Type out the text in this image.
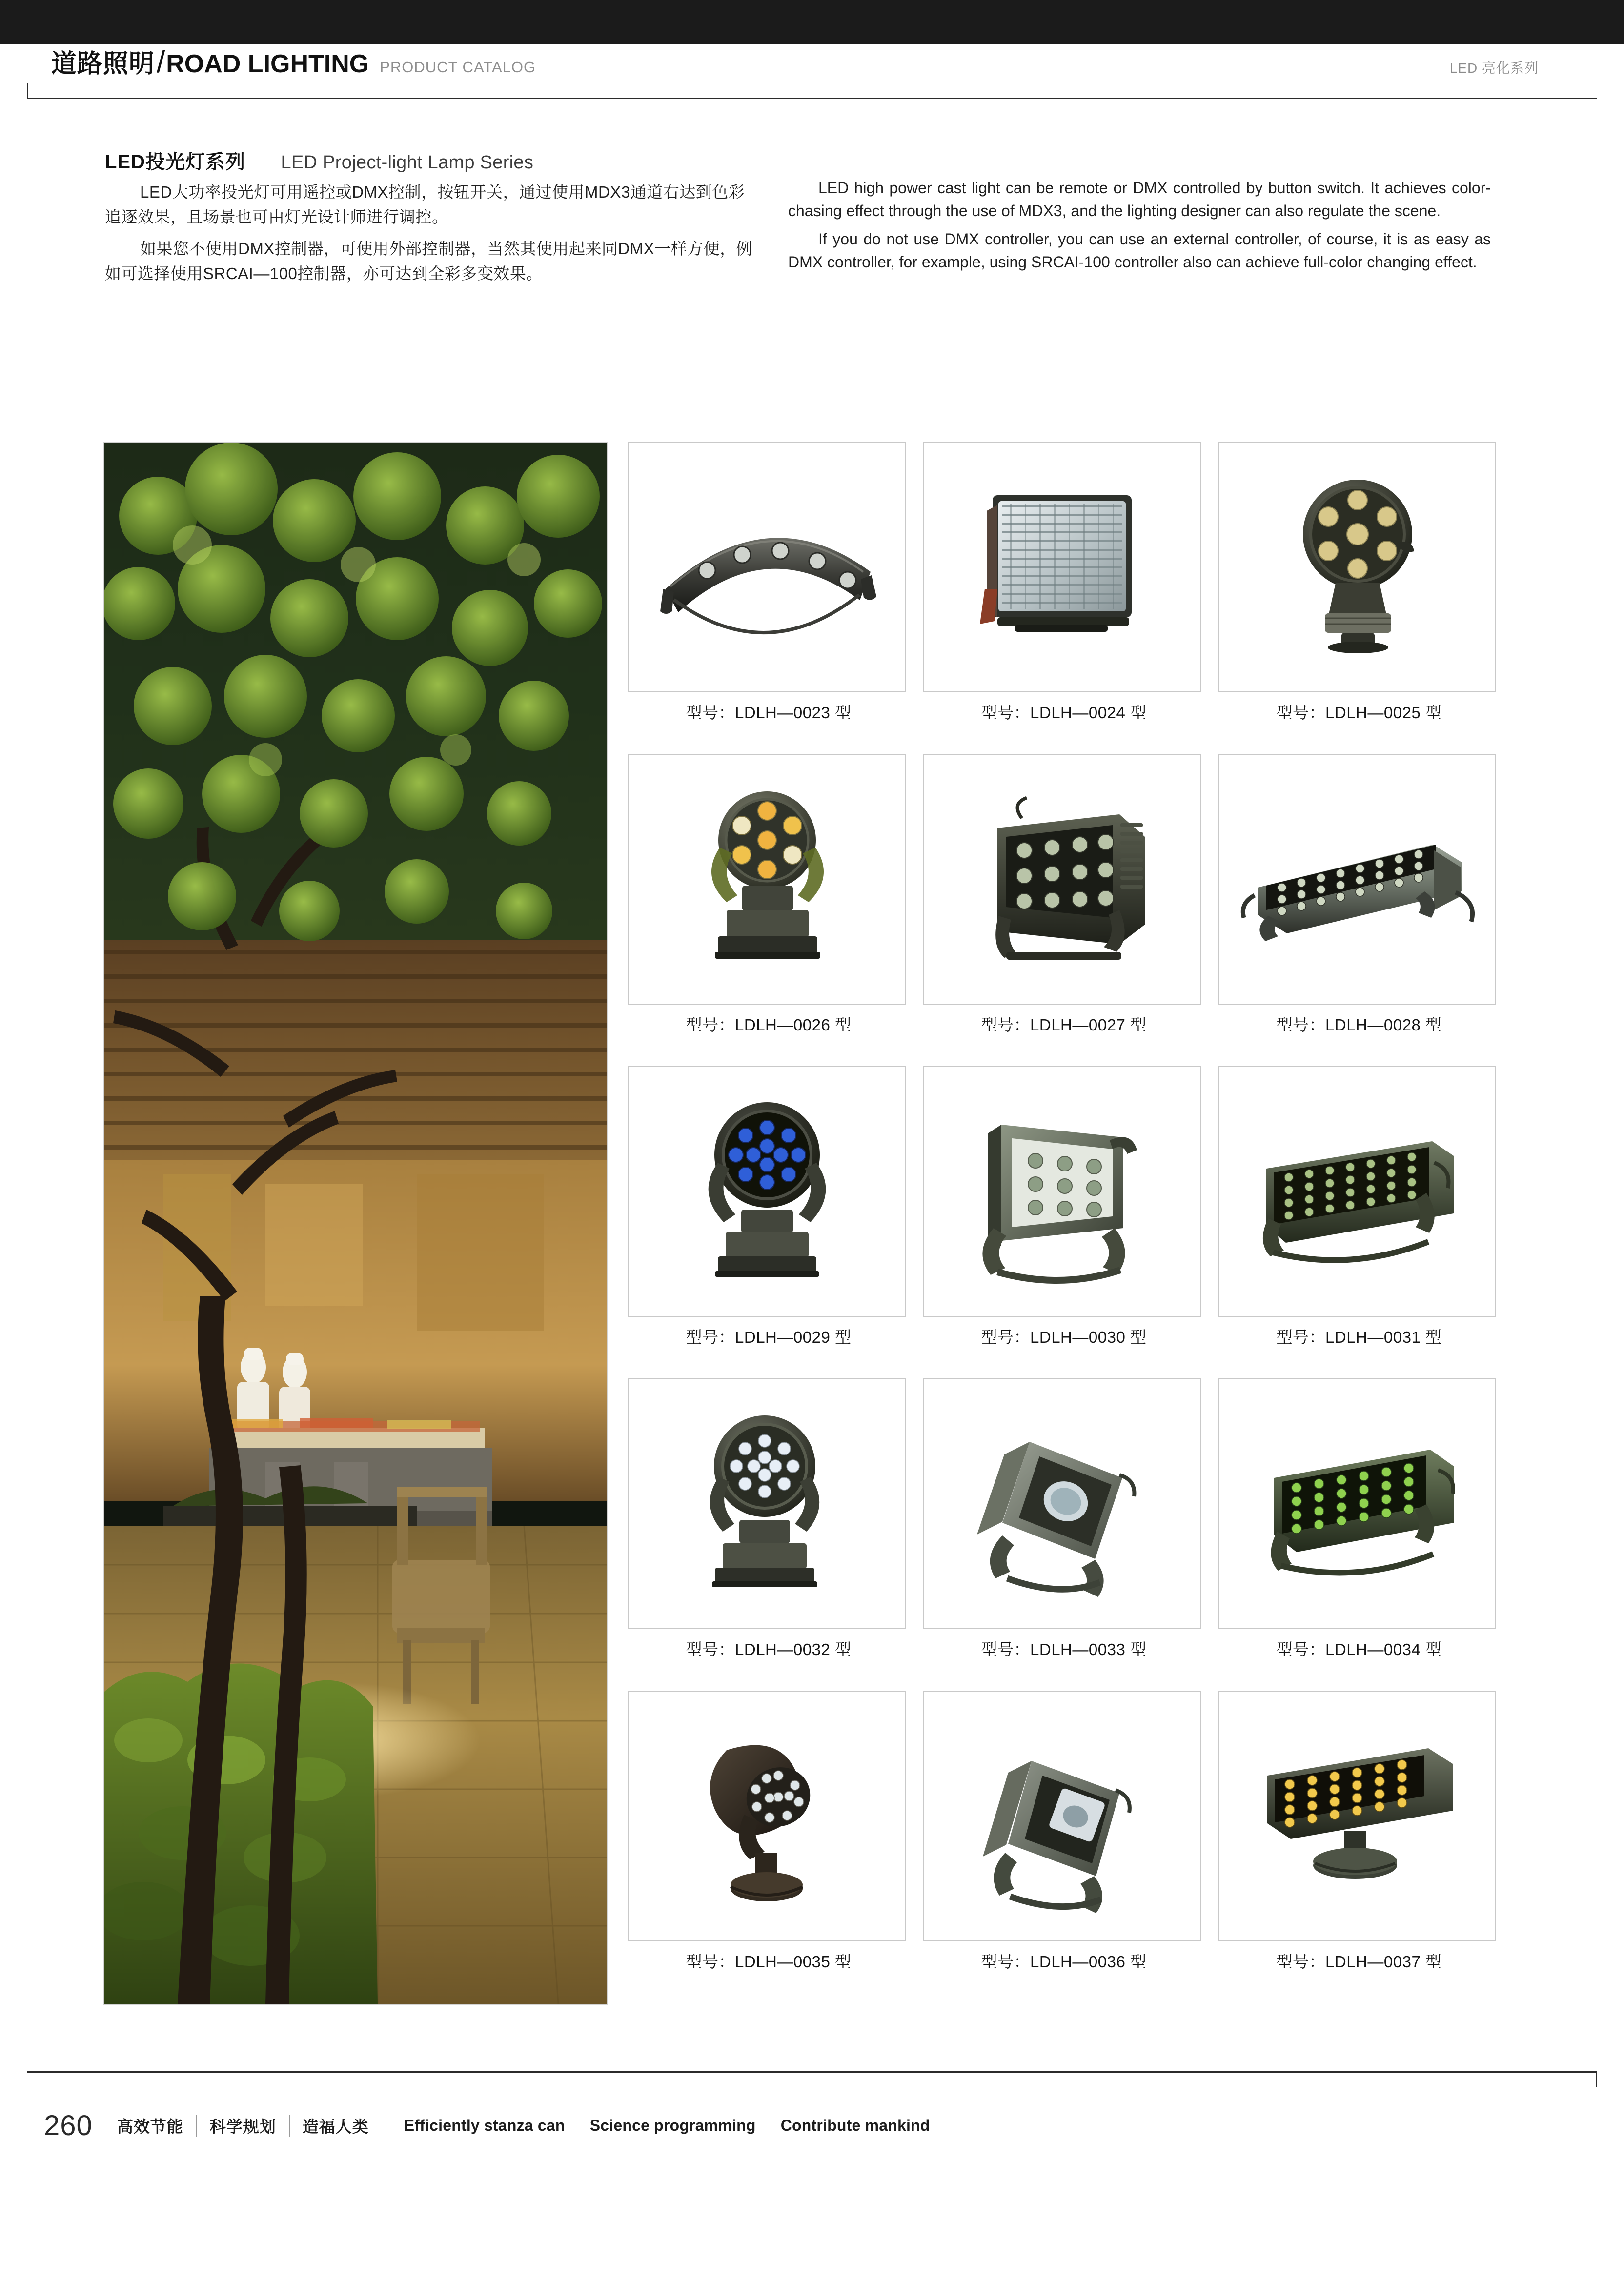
道路照明 / ROAD LIGHTING PRODUCT CATALOG	LED 亮化系列
LED投光灯系列 LED Project-light Lamp Series

LED大功率投光灯可用遥控或DMX控制，按钮开关，通过使用MDX3通道右达到色彩追逐效果，且场景也可由灯光设计师进行调控。

如果您不使用DMX控制器，可使用外部控制器，当然其使用起来同DMX一样方便，例如可选择使用SRCAI—100控制器，亦可达到全彩多变效果。

LED high power cast light can be remote or DMX controlled by button switch. It achieves color-chasing effect through the use of MDX3, and the lighting designer can also regulate the scene.

If you do not use DMX controller, you can use an external controller, of course, it is as easy as DMX controller, for example, using SRCAI-100 controller also can achieve full-color changing effect.

型号：LDLH—0023 型	型号：LDLH—0024 型	型号：LDLH—0025 型
型号：LDLH—0026 型	型号：LDLH—0027 型	型号：LDLH—0028 型
型号：LDLH—0029 型	型号：LDLH—0030 型	型号：LDLH—0031 型
型号：LDLH—0032 型	型号：LDLH—0033 型	型号：LDLH—0034 型
型号：LDLH—0035 型	型号：LDLH—0036 型	型号：LDLH—0037 型
260	高效节能	科学规划	造福人类	Efficiently stanza can Science programming Contribute mankind
